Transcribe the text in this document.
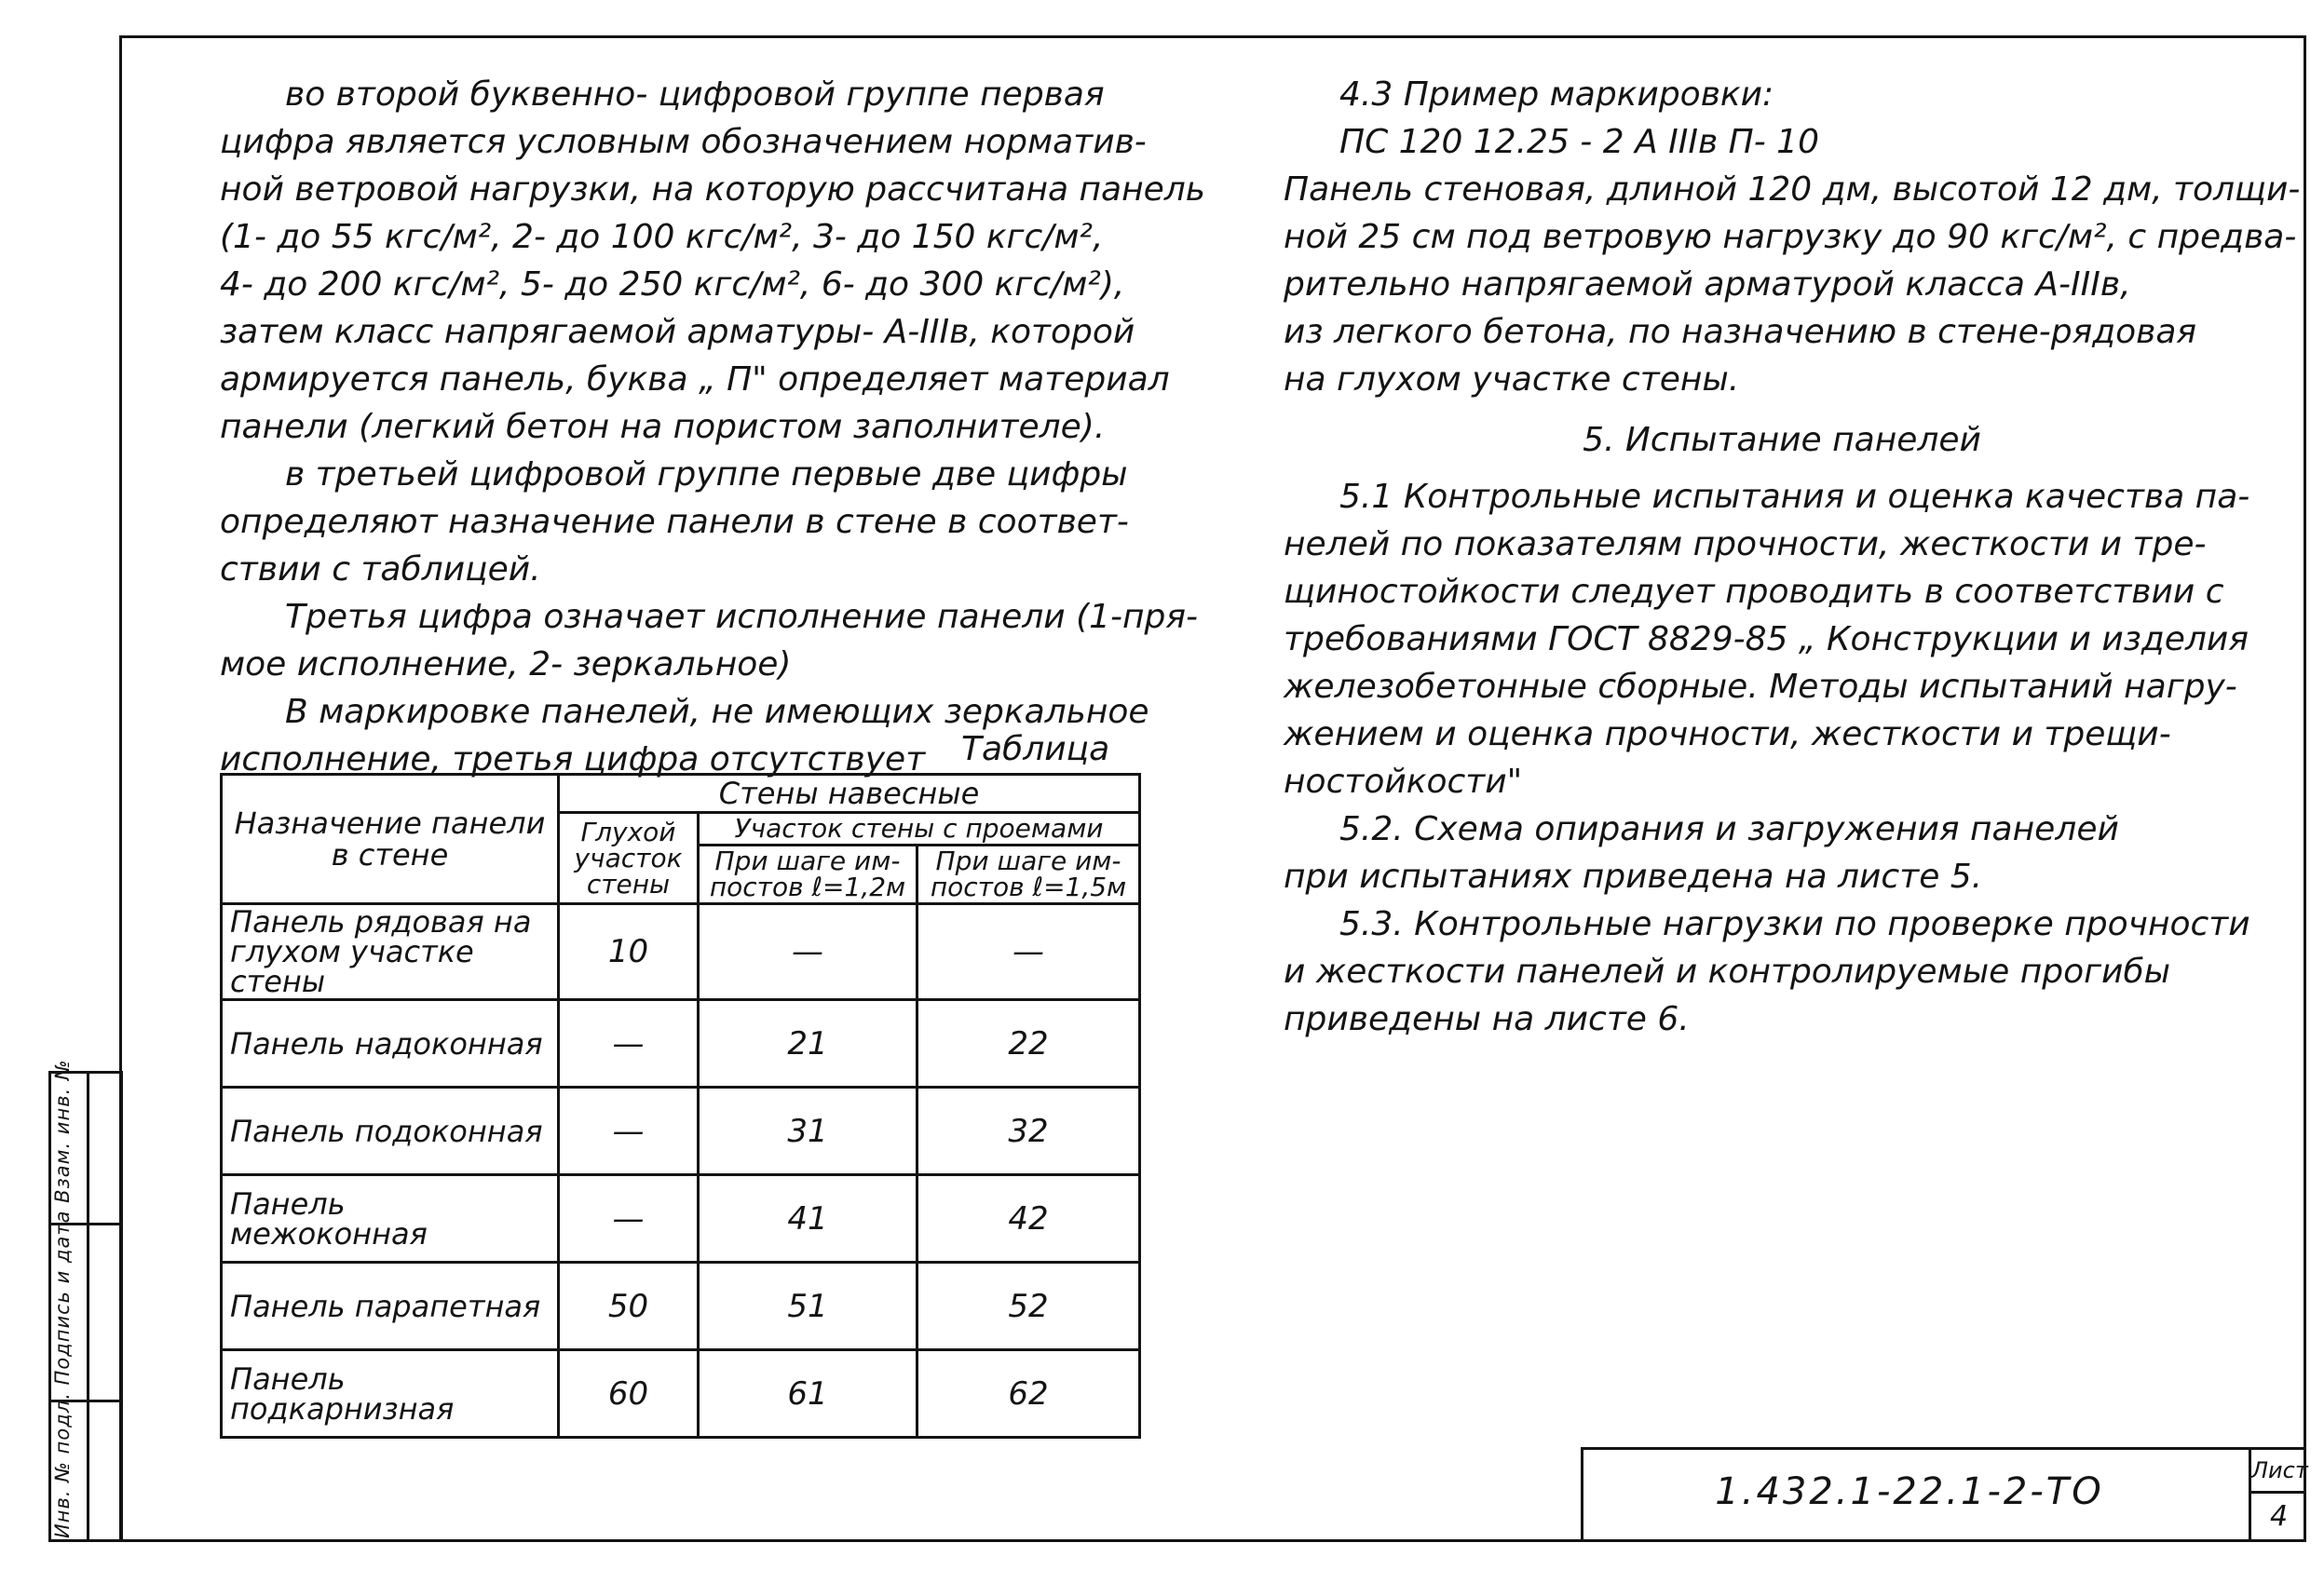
Инв. № подл. Подпись и дата Взам. инв. №
во второй буквенно- цифровой группе первая
цифра является условным обозначением норматив-
ной ветровой нагрузки, на которую рассчитана панель
(1- до 55 кгс/м², 2- до 100 кгс/м², 3- до 150 кгс/м²,
4- до 200 кгс/м², 5- до 250 кгс/м², 6- до 300 кгс/м²),
затем класс напрягаемой арматуры- А-IIIв, которой
армируется панель, буква „ П" определяет материал
панели (легкий бетон на пористом заполнителе).
в третьей цифровой группе первые две цифры
определяют назначение панели в стене в соответ-
ствии с таблицей.
Третья цифра означает исполнение панели (1-пря-
мое исполнение, 2- зеркальное)
В маркировке панелей, не имеющих зеркальное
исполнение, третья цифра отсутствует	Таблица
Назначение панели в стене	Стены навесные		
	Глухой участок стены	Участок стены с проемами	
		При шаге им-постов ℓ=1,2м	При шаге им-постов ℓ=1,5м
Панель рядовая на глухом участке стены	10	—	—
Панель надоконная	—	21	22
Панель подоконная	—	31	32
Панель межоконная	—	41	42
Панель парапетная	50	51	52
Панель подкарнизная	60	61	62
4.3 Пример маркировки:
ПС 120 12.25 - 2 А IIIв П- 10
Панель стеновая, длиной 120 дм, высотой 12 дм, толщи-
ной 25 см под ветровую нагрузку до 90 кгс/м², с предва-
рительно напрягаемой арматурой класса А-IIIв,
из легкого бетона, по назначению в стене-рядовая
на глухом участке стены.
5. Испытание панелей
5.1 Контрольные испытания и оценка качества па-
нелей по показателям прочности, жесткости и тре-
щиностойкости следует проводить в соответствии с
требованиями ГОСТ 8829-85 „ Конструкции и изделия
железобетонные сборные. Методы испытаний нагру-
жением и оценка прочности, жесткости и трещи-
ностойкости"
5.2. Схема опирания и загружения панелей
при испытаниях приведена на листе 5.
5.3. Контрольные нагрузки по проверке прочности
и жесткости панелей и контролируемые прогибы
приведены на листе 6.
1.432.1-22.1-2-ТО	Лист
4
